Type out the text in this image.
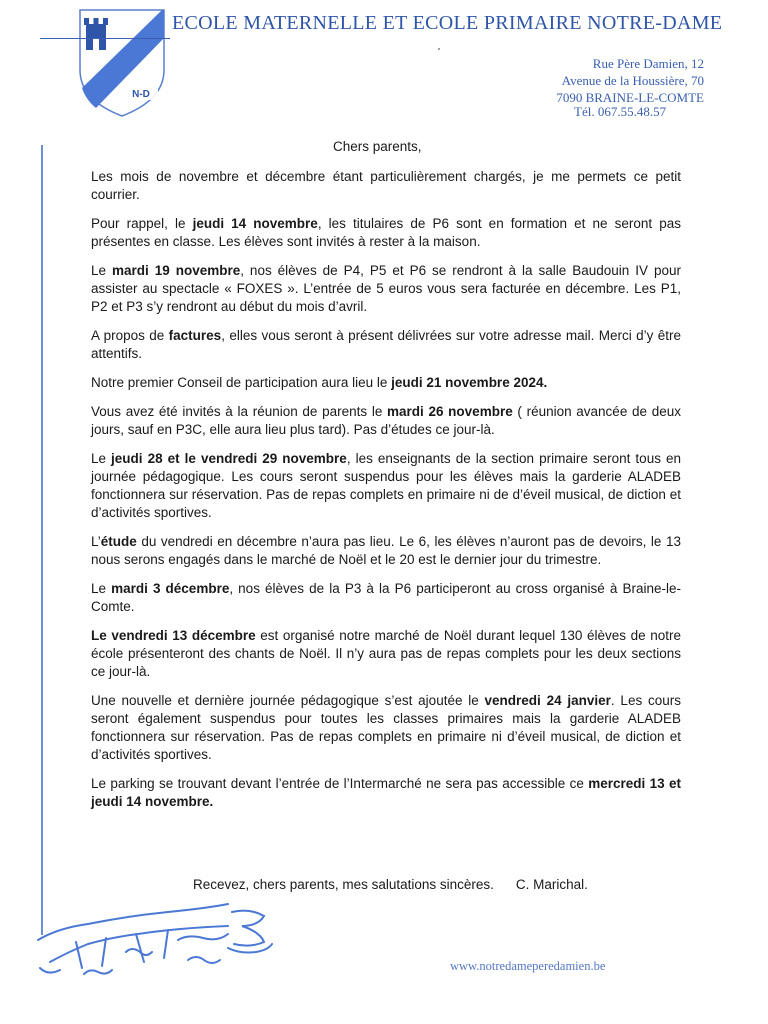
N-D
ECOLE MATERNELLE ET ECOLE PRIMAIRE NOTRE-DAME
Rue Père Damien, 12
Avenue de la Houssière, 70
7090 BRAINE-LE-COMTE
Tél. 067.55.48.57
Chers parents,

Les mois de novembre et décembre étant particulièrement chargés, je me permets ce petit courrier.

Pour rappel, le jeudi 14 novembre, les titulaires de P6 sont en formation et ne seront pas présentes en classe. Les élèves sont invités à rester à la maison.

Le mardi 19 novembre, nos élèves de P4, P5 et P6 se rendront à la salle Baudouin IV pour assister au spectacle « FOXES ». L’entrée de 5 euros vous sera facturée en décembre. Les P1, P2 et P3 s’y rendront au début du mois d’avril.

A propos de factures, elles vous seront à présent délivrées sur votre adresse mail. Merci d’y être attentifs.

Notre premier Conseil de participation aura lieu le jeudi 21 novembre 2024.

Vous avez été invités à la réunion de parents le mardi 26 novembre ( réunion avancée de deux jours, sauf en P3C, elle aura lieu plus tard). Pas d’études ce jour-là.

Le jeudi 28 et le vendredi 29 novembre, les enseignants de la section primaire seront tous en journée pédagogique. Les cours seront suspendus pour les élèves mais la garderie ALADEB fonctionnera sur réservation. Pas de repas complets en primaire ni de d’éveil musical, de diction et d’activités sportives.

L’étude du vendredi en décembre n’aura pas lieu. Le 6, les élèves n’auront pas de devoirs, le 13 nous serons engagés dans le marché de Noël et le 20 est le dernier jour du trimestre.

Le mardi 3 décembre, nos élèves de la P3 à la P6 participeront au cross organisé à Braine-le-Comte.

Le vendredi 13 décembre est organisé notre marché de Noël durant lequel 130 élèves de notre école présenteront des chants de Noël. Il n’y aura pas de repas complets pour les deux sections ce jour-là.

Une nouvelle et dernière journée pédagogique s’est ajoutée le vendredi 24 janvier. Les cours seront également suspendus pour toutes les classes primaires mais la garderie ALADEB fonctionnera sur réservation. Pas de repas complets en primaire ni d’éveil musical, de diction et d’activités sportives.

Le parking se trouvant devant l’entrée de l’Intermarché ne sera pas accessible ce mercredi 13 et jeudi 14 novembre.

Recevez, chers parents, mes salutations sincères. C. Marichal.
www.notredameperedamien.be
